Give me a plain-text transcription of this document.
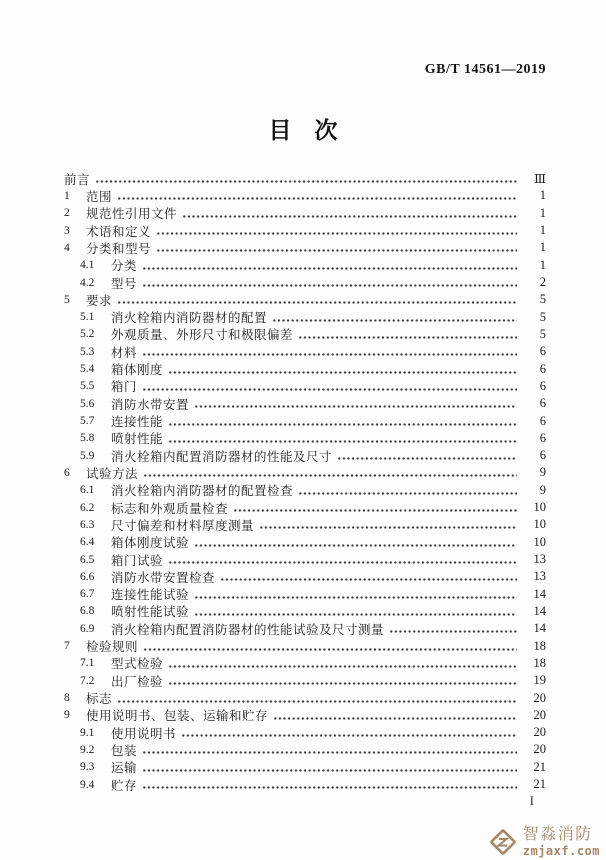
GB/T 14561—2019
目　次
前言	Ⅲ
1	范围	1
2	规范性引用文件	1
3	术语和定义	1
4	分类和型号	1
4.1	分类	1
4.2	型号	2
5	要求	5
5.1	消火栓箱内消防器材的配置	5
5.2	外观质量、外形尺寸和极限偏差	5
5.3	材料	6
5.4	箱体刚度	6
5.5	箱门	6
5.6	消防水带安置	6
5.7	连接性能	6
5.8	喷射性能	6
5.9	消火栓箱内配置消防器材的性能及尺寸	6
6	试验方法	9
6.1	消火栓箱内消防器材的配置检查	9
6.2	标志和外观质量检查	10
6.3	尺寸偏差和材料厚度测量	10
6.4	箱体刚度试验	10
6.5	箱门试验	13
6.6	消防水带安置检查	13
6.7	连接性能试验	14
6.8	喷射性能试验	14
6.9	消火栓箱内配置消防器材的性能试验及尺寸测量	14
7	检验规则	18
7.1	型式检验	18
7.2	出厂检验	19
8	标志	20
9	使用说明书、包装、运输和贮存	20
9.1	使用说明书	20
9.2	包装	20
9.3	运输	21
9.4	贮存	21
I
智淼消防
zmjaxf.com
